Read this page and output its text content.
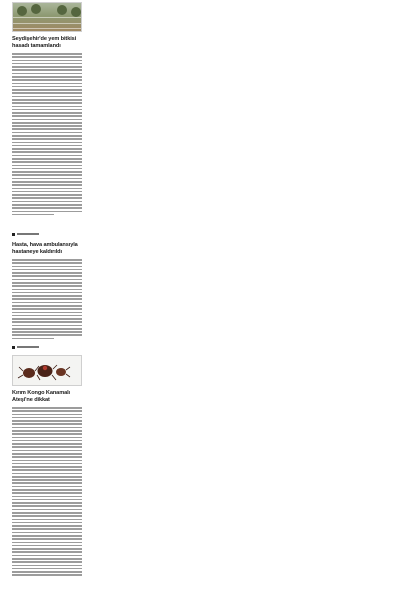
Seydişehir'de yem bitkisi hasadı tamamlandı
Hasta, hava ambulansıyla hastaneye kaldırıldı
Kırım Kongo Kanamalı Ateşi'ne dikkat
